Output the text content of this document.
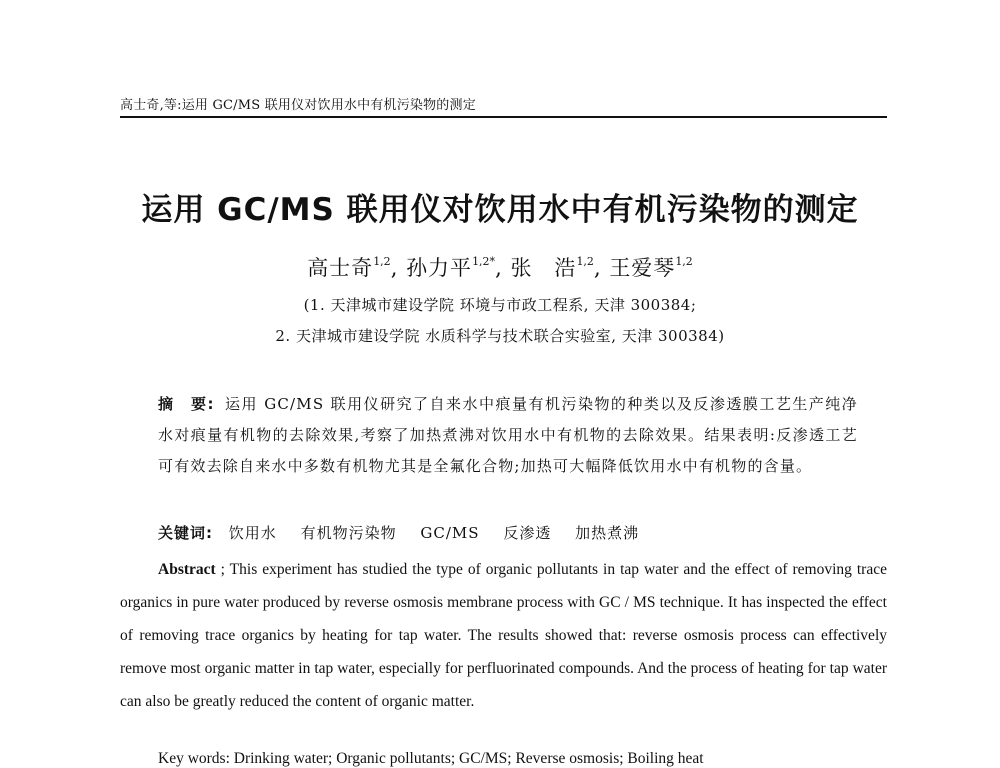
高士奇,等:运用 GC/MS 联用仪对饮用水中有机污染物的测定
运用 GC/MS 联用仪对饮用水中有机污染物的测定
高士奇$^{1,2}$, 孙力平$^{1,2*}$, 张　浩$^{1,2}$, 王爱琴$^{1,2}$
(1. 天津城市建设学院 环境与市政工程系, 天津 300384;
2. 天津城市建设学院 水质科学与技术联合实验室, 天津 300384)
摘　要: 运用 GC/MS 联用仪研究了自来水中痕量有机污染物的种类以及反渗透膜工艺生产纯净水对痕量有机物的去除效果,考察了加热煮沸对饮用水中有机物的去除效果。结果表明:反渗透工艺可有效去除自来水中多数有机物尤其是全氟化合物;加热可大幅降低饮用水中有机物的含量。
关键词: 饮用水 有机物污染物 GC/MS 反渗透 加热煮沸
Abstract ; This experiment has studied the type of organic pollutants in tap water and the effect of removing trace organics in pure water produced by reverse osmosis membrane process with GC / MS technique. It has inspected the effect of removing trace organics by heating for tap water. The results showed that: reverse osmosis process can effectively remove most organic matter in tap water, especially for perfluorinated compounds. And the process of heating for tap water can also be greatly reduced the content of organic matter.
Key words: Drinking water; Organic pollutants; GC/MS; Reverse osmosis; Boiling heat
